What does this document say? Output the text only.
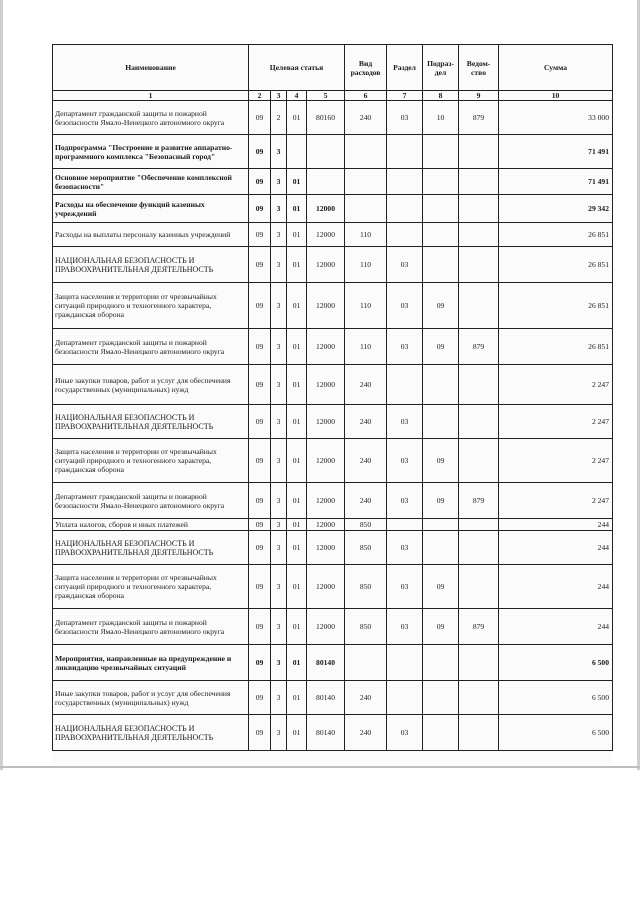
Наименование	Целевая статья				Вид расходов	Раздел	Подраз-дел	Ведом-ство	Сумма
1	2	3	4	5	6	7	8	9	10
Департамент гражданской защиты и пожарной безопасности Ямало-Ненецкого автономного округа	09	2	01	80160	240	03	10	879	33 000
Подпрограмма "Построение и развитие аппаратно-программного комплекса "Безопасный город"	09	3							71 491
Основное мероприятие "Обеспечение комплексной безопасности"	09	3	01						71 491
Расходы на обеспечение функций казенных учреждений	09	3	01	12000					29 342
Расходы на выплаты персоналу казенных учреждений	09	3	01	12000	110				26 851
НАЦИОНАЛЬНАЯ БЕЗОПАСНОСТЬ И ПРАВООХРАНИТЕЛЬНАЯ ДЕЯТЕЛЬНОСТЬ	09	3	01	12000	110	03			26 851
Защита населения и территории от чрезвычайных ситуаций природного и техногенного характера, гражданская оборона	09	3	01	12000	110	03	09		26 851
Департамент гражданской защиты и пожарной безопасности Ямало-Ненецкого автономного округа	09	3	01	12000	110	03	09	879	26 851
Иные закупки товаров, работ и услуг для обеспечения государственных (муниципальных) нужд	09	3	01	12000	240				2 247
НАЦИОНАЛЬНАЯ БЕЗОПАСНОСТЬ И ПРАВООХРАНИТЕЛЬНАЯ ДЕЯТЕЛЬНОСТЬ	09	3	01	12000	240	03			2 247
Защита населения и территории от чрезвычайных ситуаций природного и техногенного характера, гражданская оборона	09	3	01	12000	240	03	09		2 247
Департамент гражданской защиты и пожарной безопасности Ямало-Ненецкого автономного округа	09	3	01	12000	240	03	09	879	2 247
Уплата налогов, сборов и иных платежей	09	3	01	12000	850				244
НАЦИОНАЛЬНАЯ БЕЗОПАСНОСТЬ И ПРАВООХРАНИТЕЛЬНАЯ ДЕЯТЕЛЬНОСТЬ	09	3	01	12000	850	03			244
Защита населения и территории от чрезвычайных ситуаций природного и техногенного характера, гражданская оборона	09	3	01	12000	850	03	09		244
Департамент гражданской защиты и пожарной безопасности Ямало-Ненецкого автономного округа	09	3	01	12000	850	03	09	879	244
Мероприятия, направленные на предупреждение и ликвидацию чрезвычайных ситуаций	09	3	01	80140					6 500
Иные закупки товаров, работ и услуг для обеспечения государственных (муниципальных) нужд	09	3	01	80140	240				6 500
НАЦИОНАЛЬНАЯ БЕЗОПАСНОСТЬ И ПРАВООХРАНИТЕЛЬНАЯ ДЕЯТЕЛЬНОСТЬ	09	3	01	80140	240	03			6 500
